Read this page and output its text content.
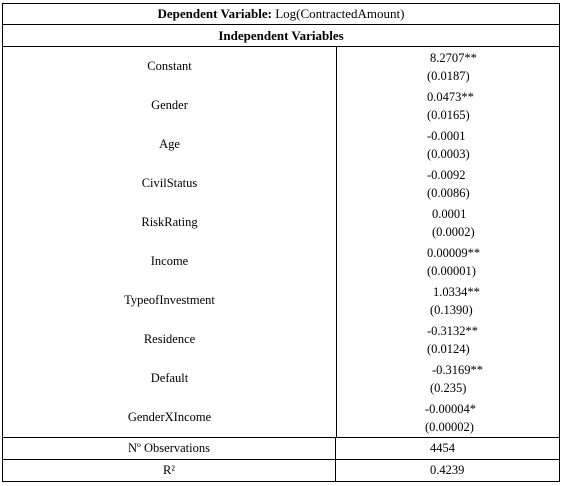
Dependent Variable:
Log(ContractedAmount)
Independent Variables
Constant
8.2707**
(0.0187)
Gender
0.0473**
(0.0165)
Age
-0.0001
(0.0003)
CivilStatus
-0.0092
(0.0086)
RiskRating
0.0001
(0.0002)
Income
0.00009**
(0.00001)
TypeofInvestment
1.0334**
(0.1390)
Residence
-0.3132**
(0.0124)
Default
-0.3169**
(0.235)
GenderXIncome
-0.00004*
(0.00002)
Nº Observations	4454
R²	0.4239
